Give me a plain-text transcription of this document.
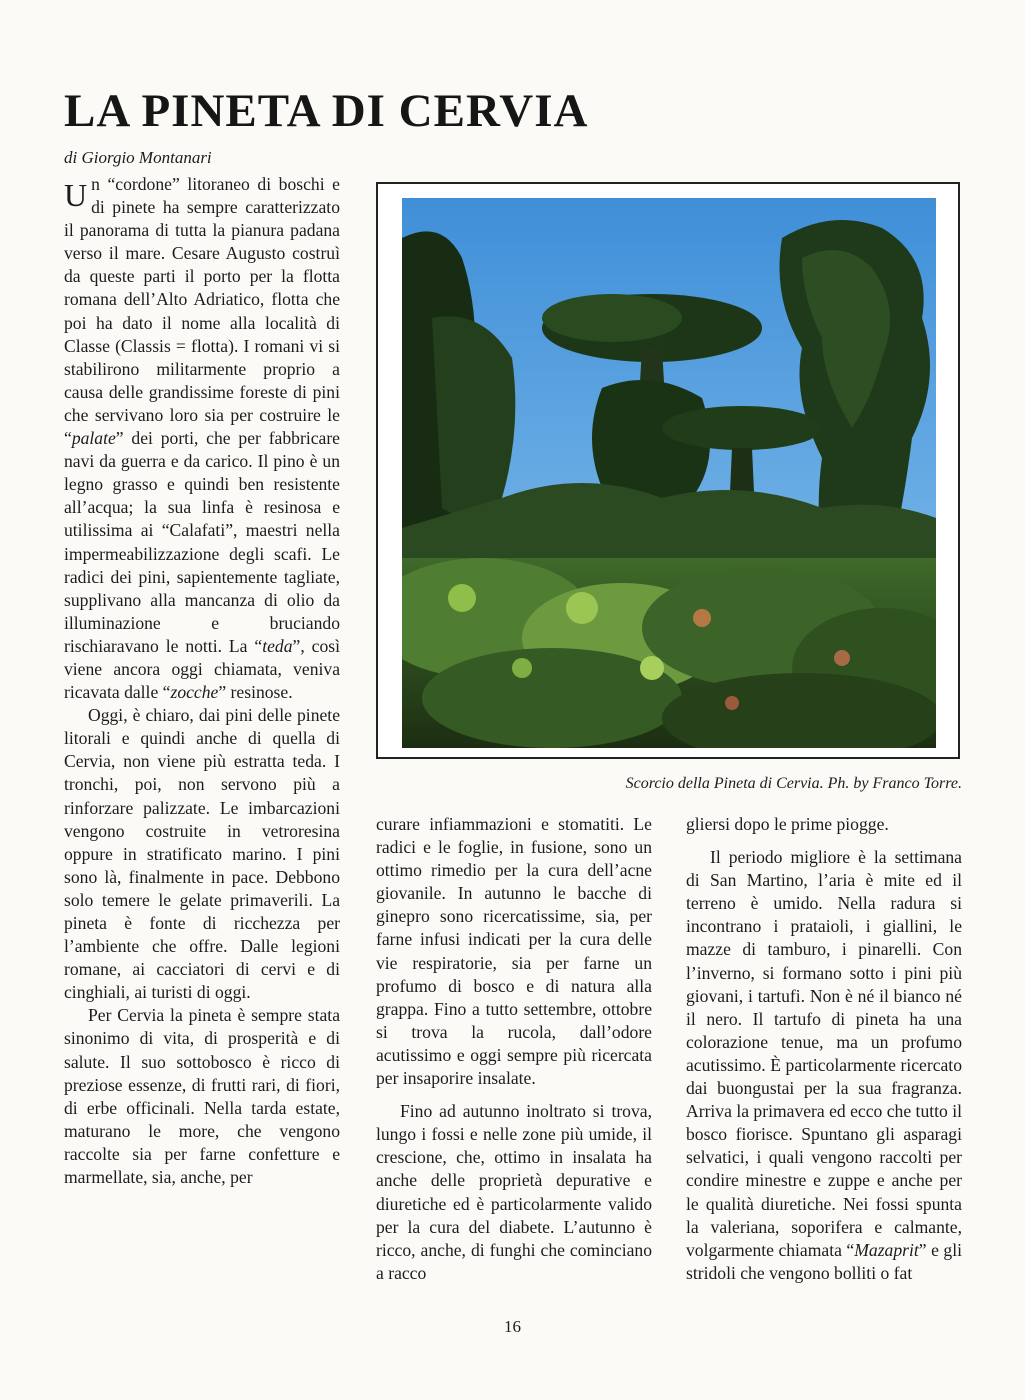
LA PINETA DI CERVIA
di Giorgio Montanari

Un “cordone” litoraneo di boschi e di pinete ha sempre caratterizzato il panorama di tutta la pianura padana verso il mare. Cesare Augusto costruì da queste parti il porto per la flotta romana dell’Alto Adriatico, flotta che poi ha dato il nome alla località di Classe (Classis = flotta). I romani vi si stabilirono militarmente proprio a causa delle grandissime foreste di pini che servivano loro sia per costruire le “palate” dei porti, che per fabbricare navi da guerra e da carico. Il pino è un legno grasso e quindi ben resistente all’acqua; la sua linfa è resinosa e utilissima ai “Calafati”, maestri nella impermeabilizzazione degli scafi. Le radici dei pini, sapientemente tagliate, supplivano alla mancanza di olio da illuminazione e bruciando rischiaravano le notti. La “teda”, così viene ancora oggi chiamata, veniva ricavata dalle “zocche” resinose.

Oggi, è chiaro, dai pini delle pinete litorali e quindi anche di quella di Cervia, non viene più estratta teda. I tronchi, poi, non servono più a rinforzare palizzate. Le imbarcazioni vengono costruite in vetroresina oppure in stratificato marino. I pini sono là, finalmente in pace. Debbono solo temere le gelate primaverili. La pineta è fonte di ricchezza per l’ambiente che offre. Dalle legioni romane, ai cacciatori di cervi e di cinghiali, ai turisti di oggi.

Per Cervia la pineta è sempre stata sinonimo di vita, di prosperità e di salute. Il suo sottobosco è ricco di preziose essenze, di frutti rari, di fiori, di erbe officinali. Nella tarda estate, maturano le more, che vengono raccolte sia per farne confetture e marmellate, sia, anche, per

Scorcio della Pineta di Cervia. Ph. by Franco Torre.

curare infiammazioni e stomatiti. Le radici e le foglie, in fusione, sono un ottimo rimedio per la cura dell’acne giovanile. In autunno le bacche di ginepro sono ricercatissime, sia, per farne infusi indicati per la cura delle vie respiratorie, sia per farne un profumo di bosco e di natura alla grappa. Fino a tutto settembre, ottobre si trova la rucola, dall’odore acutissimo e oggi sempre più ricercata per insaporire insalate.

Fino ad autunno inoltrato si trova, lungo i fossi e nelle zone più umide, il crescione, che, ottimo in insalata ha anche delle proprietà depurative e diuretiche ed è particolarmente valido per la cura del diabete. L’autunno è ricco, anche, di funghi che cominciano a racco

gliersi dopo le prime piogge.

Il periodo migliore è la settimana di San Martino, l’aria è mite ed il terreno è umido. Nella radura si incontrano i prataioli, i giallini, le mazze di tamburo, i pinarelli. Con l’inverno, si formano sotto i pini più giovani, i tartufi. Non è né il bianco né il nero. Il tartufo di pineta ha una colorazione tenue, ma un profumo acutissimo. È particolarmente ricercato dai buongustai per la sua fragranza. Arriva la primavera ed ecco che tutto il bosco fiorisce. Spuntano gli asparagi selvatici, i quali vengono raccolti per condire minestre e zuppe e anche per le qualità diuretiche. Nei fossi spunta la valeriana, soporifera e calmante, volgarmente chiamata “Mazaprit” e gli stridoli che vengono bolliti o fat

16
